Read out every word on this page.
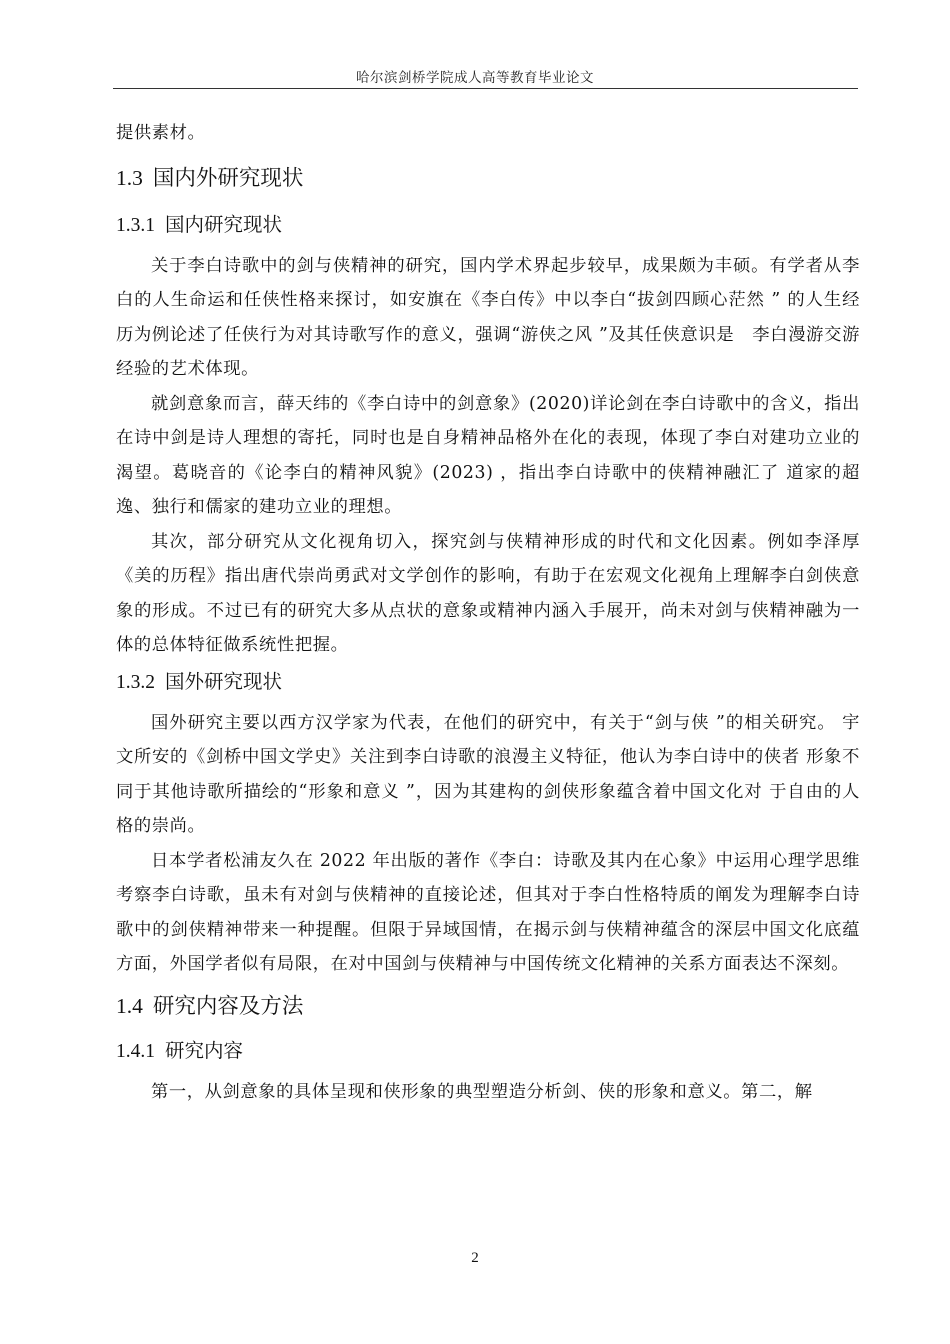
哈尔滨剑桥学院成人高等教育毕业论文

提供素材。

1.3 国内外研究现状
1.3.1 国内研究现状

关于李白诗歌中的剑与侠精神的研究，国内学术界起步较早，成果颇为丰硕。有学者从李白的人生命运和任侠性格来探讨，如安旗在《李白传》中以李白“拔剑四顾心茫然 ” 的人生经历为例论述了任侠行为对其诗歌写作的意义，强调“游侠之风 ”及其任侠意识是　李白漫游交游经验的艺术体现。

就剑意象而言，薛天纬的《李白诗中的剑意象》(2020)详论剑在李白诗歌中的含义，指出在诗中剑是诗人理想的寄托，同时也是自身精神品格外在化的表现，体现了李白对建功立业的渴望。葛晓音的《论李白的精神风貌》(2023) ，指出李白诗歌中的侠精神融汇了 道家的超逸、独行和儒家的建功立业的理想。

其次，部分研究从文化视角切入，探究剑与侠精神形成的时代和文化因素。例如李泽厚《美的历程》指出唐代崇尚勇武对文学创作的影响，有助于在宏观文化视角上理解李白剑侠意象的形成。不过已有的研究大多从点状的意象或精神内涵入手展开，尚未对剑与侠精神融为一体的总体特征做系统性把握。

1.3.2 国外研究现状

国外研究主要以西方汉学家为代表，在他们的研究中，有关于“剑与侠 ”的相关研究。 宇文所安的《剑桥中国文学史》关注到李白诗歌的浪漫主义特征，他认为李白诗中的侠者 形象不同于其他诗歌所描绘的“形象和意义 ”，因为其建构的剑侠形象蕴含着中国文化对 于自由的人格的崇尚。

日本学者松浦友久在 2022 年出版的著作《李白：诗歌及其内在心象》中运用心理学思维考察李白诗歌，虽未有对剑与侠精神的直接论述，但其对于李白性格特质的阐发为理解李白诗歌中的剑侠精神带来一种提醒。但限于异域国情，在揭示剑与侠精神蕴含的深层中国文化底蕴方面，外国学者似有局限，在对中国剑与侠精神与中国传统文化精神的关系方面表达不深刻。

1.4 研究内容及方法
1.4.1 研究内容

第一，从剑意象的具体呈现和侠形象的典型塑造分析剑、侠的形象和意义。第二，解

2
